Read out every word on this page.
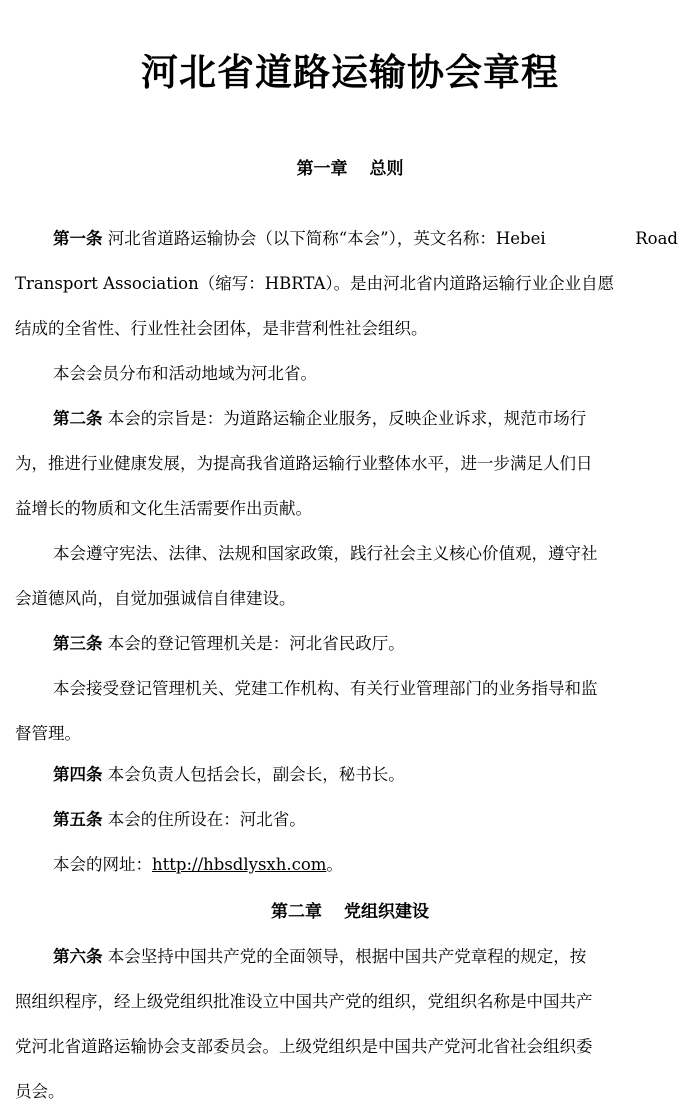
河北省道路运输协会章程
第一章 总则
第一条 河北省道路运输协会（以下简称“本会”），英文名称：Hebei	Road
Transport Association（缩写：HBRTA）。是由河北省内道路运输行业企业自愿
结成的全省性、行业性社会团体，是非营利性社会组织。
本会会员分布和活动地域为河北省。
第二条 本会的宗旨是：为道路运输企业服务，反映企业诉求，规范市场行
为，推进行业健康发展，为提高我省道路运输行业整体水平，进一步满足人们日
益增长的物质和文化生活需要作出贡献。
本会遵守宪法、法律、法规和国家政策，践行社会主义核心价值观，遵守社
会道德风尚，自觉加强诚信自律建设。
第三条 本会的登记管理机关是：河北省民政厅。
本会接受登记管理机关、党建工作机构、有关行业管理部门的业务指导和监
督管理。
第四条 本会负责人包括会长，副会长，秘书长。
第五条 本会的住所设在：河北省。
本会的网址：http://hbsdlysxh.com。
第二章 党组织建设
第六条 本会坚持中国共产党的全面领导，根据中国共产党章程的规定，按
照组织程序，经上级党组织批准设立中国共产党的组织，党组织名称是中国共产
党河北省道路运输协会支部委员会。上级党组织是中国共产党河北省社会组织委
员会。
